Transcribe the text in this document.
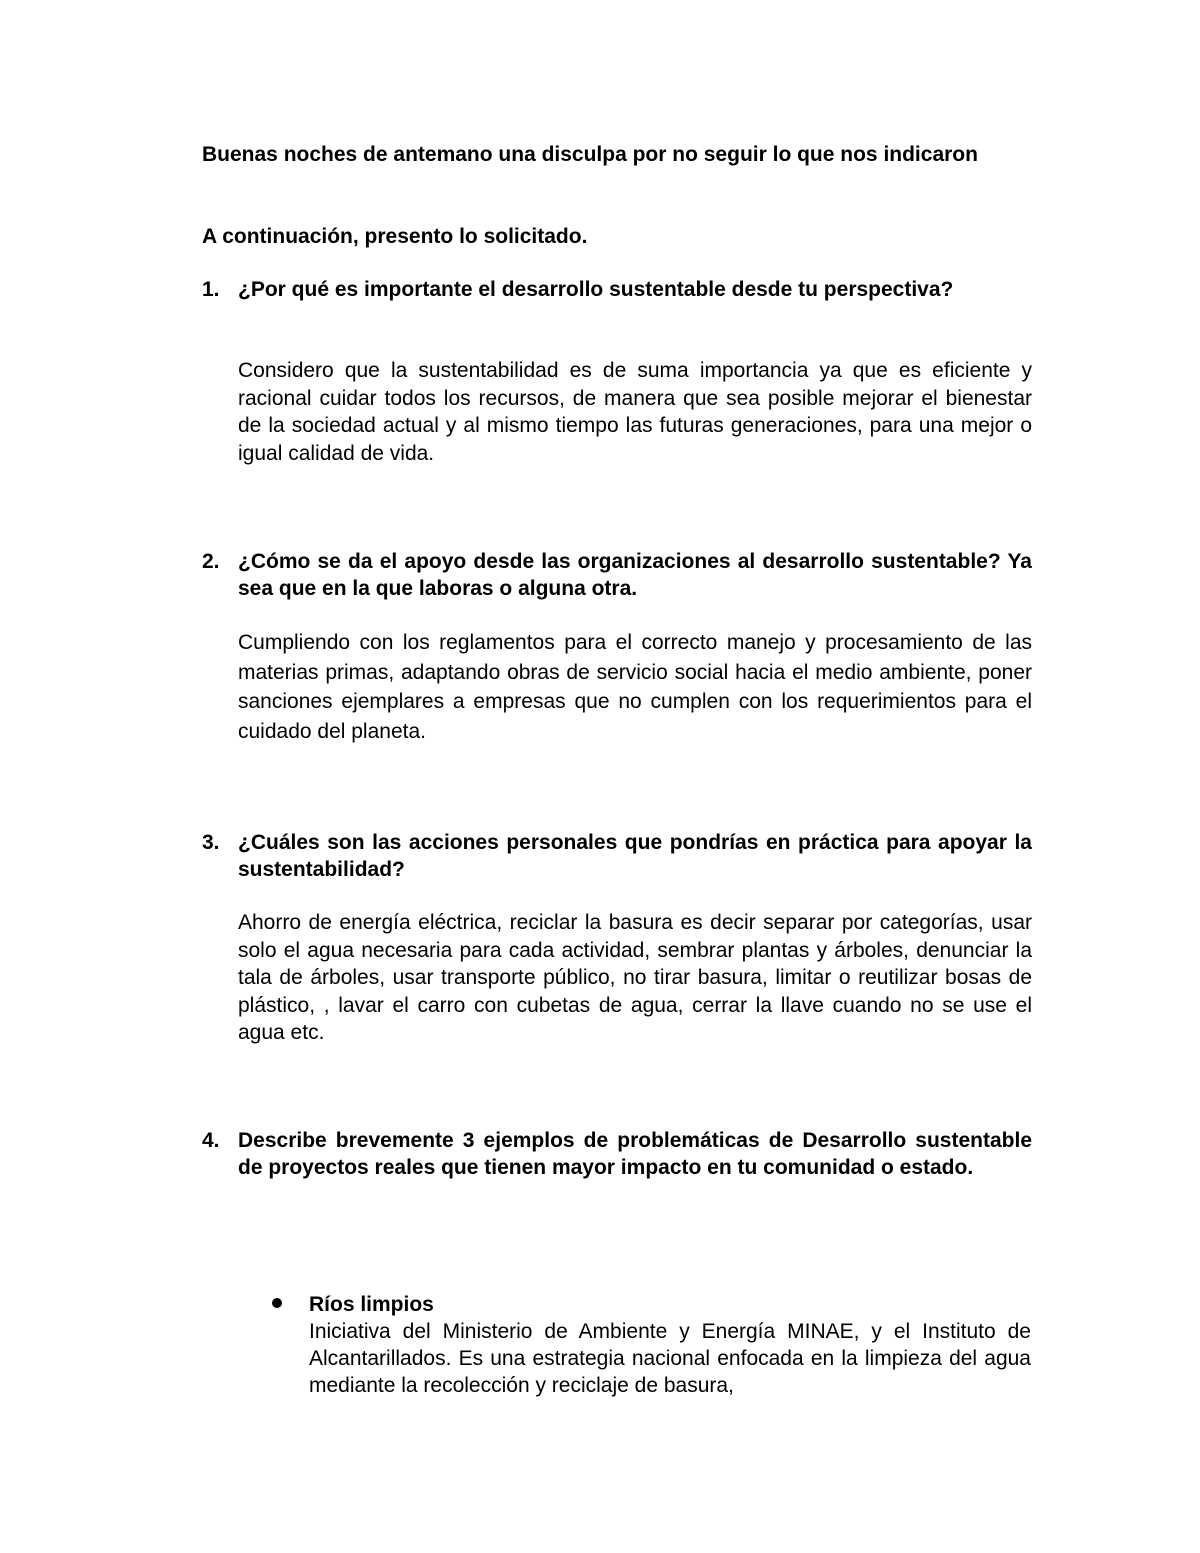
Buenas noches de antemano una disculpa por no seguir lo que nos indicaron
A continuación, presento lo solicitado.
1. ¿Por qué es importante el desarrollo sustentable desde tu perspectiva?
Considero que la sustentabilidad es de suma importancia ya que es eficiente y racional cuidar todos los recursos, de manera que sea posible mejorar el bienestar de la sociedad actual y al mismo tiempo las futuras generaciones, para una mejor o igual calidad de vida.
2. ¿Cómo se da el apoyo desde las organizaciones al desarrollo sustentable? Ya sea que en la que laboras o alguna otra.
Cumpliendo con los reglamentos para el correcto manejo y procesamiento de las materias primas, adaptando obras de servicio social hacia el medio ambiente, poner sanciones ejemplares a empresas que no cumplen con los requerimientos para el cuidado del planeta.
3. ¿Cuáles son las acciones personales que pondrías en práctica para apoyar la sustentabilidad?
Ahorro de energía eléctrica, reciclar la basura es decir separar por categorías, usar solo el agua necesaria para cada actividad, sembrar plantas y árboles, denunciar la tala de árboles, usar transporte público, no tirar basura, limitar o reutilizar bosas de plástico, , lavar el carro con cubetas de agua, cerrar la llave cuando no se use el agua etc.
4. Describe brevemente 3 ejemplos de problemáticas de Desarrollo sustentable de proyectos reales que tienen mayor impacto en tu comunidad o estado.
Ríos limpios
Iniciativa del Ministerio de Ambiente y Energía MINAE, y el Instituto de Alcantarillados. Es una estrategia nacional enfocada en la limpieza del agua mediante la recolección y reciclaje de basura,
